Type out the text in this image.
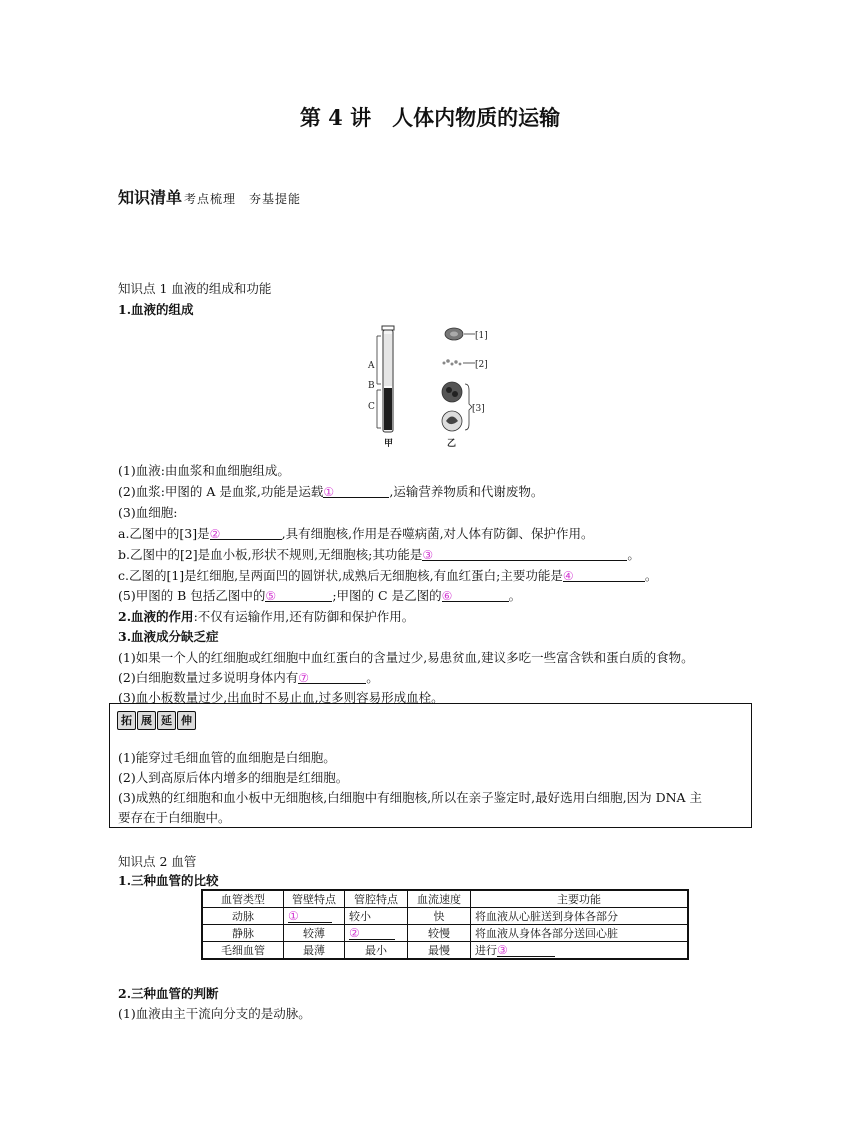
第 4 讲　人体内物质的运输
知识清单 考点梳理　夯基提能
知识点 1 血液的组成和功能
1.血液的组成
A
B
C
甲
[1]
[2]
[3]
乙
(1)血液:由血浆和血细胞组成。
(2)血浆:甲图的 A 是血浆,功能是运载①	,运输营养物质和代谢废物。
(3)血细胞:
a.乙图中的[3]是②	,具有细胞核,作用是吞噬病菌,对人体有防御、保护作用。
b.乙图中的[2]是血小板,形状不规则,无细胞核;其功能是③	。
c.乙图的[1]是红细胞,呈两面凹的圆饼状,成熟后无细胞核,有血红蛋白;主要功能是④	。
(5)甲图的 B 包括乙图中的⑤	;甲图的 C 是乙图的⑥	。
2.血液的作用:不仅有运输作用,还有防御和保护作用。
3.血液成分缺乏症
(1)如果一个人的红细胞或红细胞中血红蛋白的含量过少,易患贫血,建议多吃一些富含铁和蛋白质的食物。
(2)白细胞数量过多说明身体内有⑦	。
(3)血小板数量过少,出血时不易止血,过多则容易形成血栓。
拓 展 延 伸
(1)能穿过毛细血管的血细胞是白细胞。
(2)人到高原后体内增多的细胞是红细胞。
(3)成熟的红细胞和血小板中无细胞核,白细胞中有细胞核,所以在亲子鉴定时,最好选用白细胞,因为 DNA 主
要存在于白细胞中。
知识点 2 血管
1.三种血管的比较
血管类型	管壁特点	管腔特点	血流速度	主要功能
动脉	①	较小	快	将血液从心脏送到身体各部分
静脉	较薄	②	较慢	将血液从身体各部分送回心脏
毛细血管	最薄	最小	最慢	进行③
2.三种血管的判断
(1)血液由主干流向分支的是动脉。
